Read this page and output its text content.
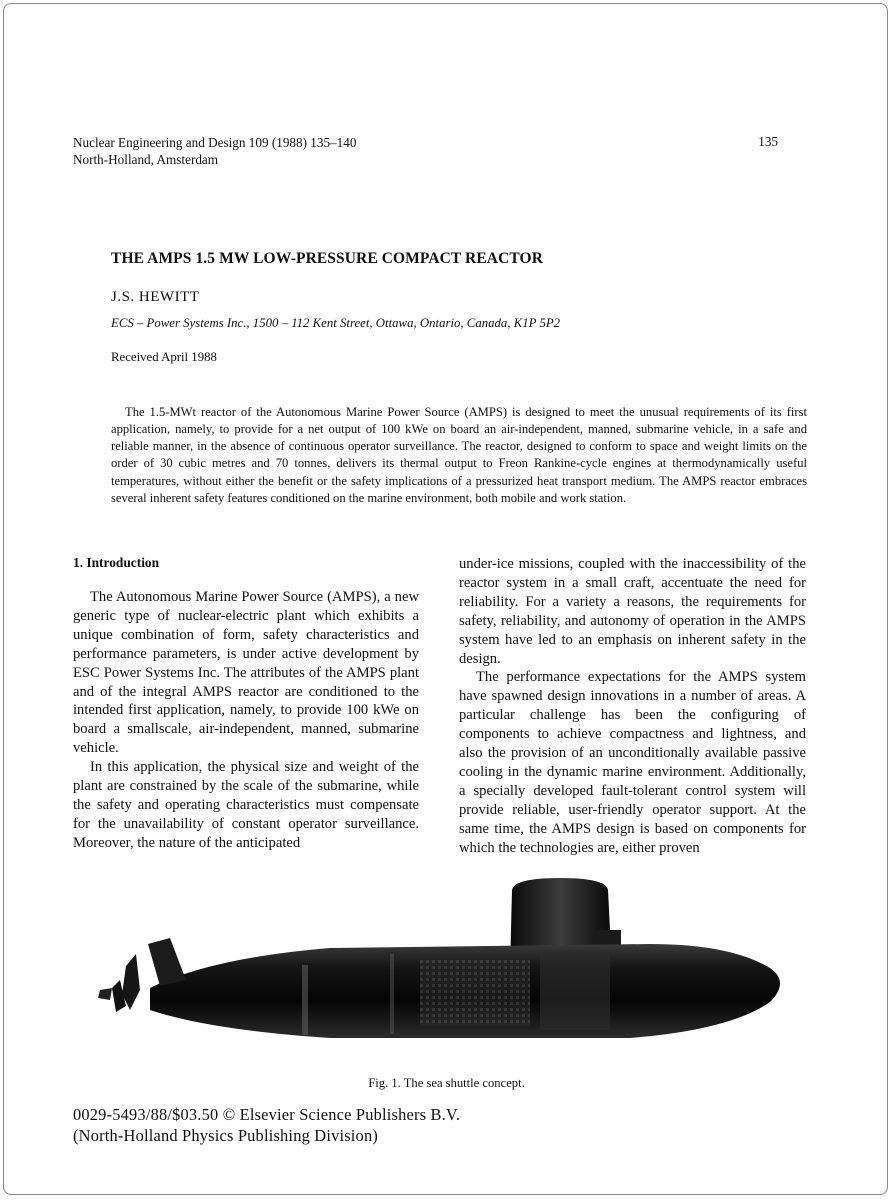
Nuclear Engineering and Design 109 (1988) 135–140
North-Holland, Amsterdam
135
THE AMPS 1.5 MW LOW-PRESSURE COMPACT REACTOR
J.S. HEWITT
ECS – Power Systems Inc., 1500 – 112 Kent Street, Ottawa, Ontario, Canada, K1P 5P2
Received April 1988

The 1.5-MWt reactor of the Autonomous Marine Power Source (AMPS) is designed to meet the unusual requirements of its first application, namely, to provide for a net output of 100 kWe on board an air-independent, manned, submarine vehicle, in a safe and reliable manner, in the absence of continuous operator surveillance. The reactor, designed to conform to space and weight limits on the order of 30 cubic metres and 70 tonnes, delivers its thermal output to Freon Rankine-cycle engines at thermodynamically useful temperatures, without either the benefit or the safety implications of a pressurized heat transport medium. The AMPS reactor embraces several inherent safety features conditioned on the marine environment, both mobile and work station.

1. Introduction

The Autonomous Marine Power Source (AMPS), a new generic type of nuclear-electric plant which exhibits a unique combination of form, safety characteristics and performance parameters, is under active development by ESC Power Systems Inc. The attributes of the AMPS plant and of the integral AMPS reactor are conditioned to the intended first application, namely, to provide 100 kWe on board a smallscale, air-independent, manned, submarine vehicle.

In this application, the physical size and weight of the plant are constrained by the scale of the submarine, while the safety and operating characteristics must compensate for the unavailability of constant operator surveillance. Moreover, the nature of the anticipated

under-ice missions, coupled with the inaccessibility of the reactor system in a small craft, accentuate the need for reliability. For a variety a reasons, the requirements for safety, reliability, and autonomy of operation in the AMPS system have led to an emphasis on inherent safety in the design.

The performance expectations for the AMPS system have spawned design innovations in a number of areas. A particular challenge has been the configuring of components to achieve compactness and lightness, and also the provision of an unconditionally available passive cooling in the dynamic marine environment. Additionally, a specially developed fault-tolerant control system will provide reliable, user-friendly operator support. At the same time, the AMPS design is based on components for which the technologies are, either proven

Fig. 1. The sea shuttle concept.
0029-5493/88/$03.50 © Elsevier Science Publishers B.V.
(North-Holland Physics Publishing Division)
